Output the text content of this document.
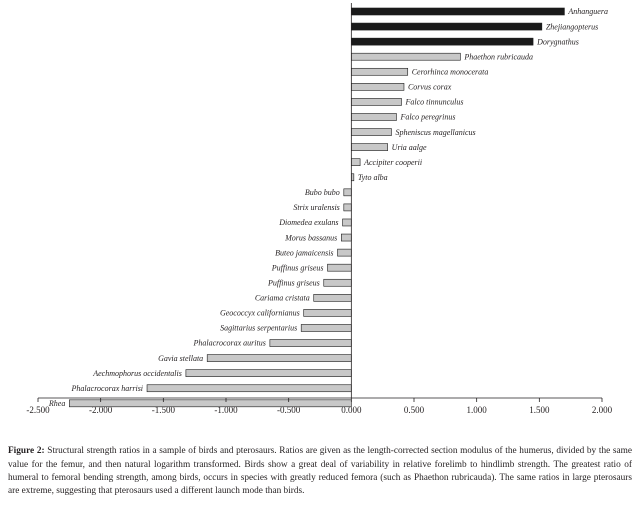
Anhanguera
Zhejiangopterus
Dorygnathus
Phaethon rubricauda
Cerorhinca monocerata
Corvus corax
Falco tinnunculus
Falco peregrinus
Spheniscus magellanicus
Uria aalge
Accipiter cooperii
Tyto alba
Bubo bubo
Strix uralensis
Diomedea exulans
Morus bassanus
Buteo jamaicensis
Puffinus griseus
Puffinus griseus
Cariama cristata
Geococcyx californianus
Sagittarius serpentarius
Phalacrocorax auritus
Gavia stellata
Aechmophorus occidentalis
Phalacrocorax harrisi
Rhea
-2.500	-2.000	-1.500	-1.000	-0.500	0.000	0.500	1.000	1.500	2.000

Figure 2: Structural strength ratios in a sample of birds and pterosaurs. Ratios are given as the length-corrected section modulus of the humerus, divided by the same value for the femur, and then natural logarithm transformed. Birds show a great deal of variability in relative forelimb to hindlimb strength. The greatest ratio of humeral to femoral bending strength, among birds, occurs in species with greatly reduced femora (such as Phaethon rubricauda). The same ratios in large pterosaurs are extreme, suggesting that pterosaurs used a different launch mode than birds.
